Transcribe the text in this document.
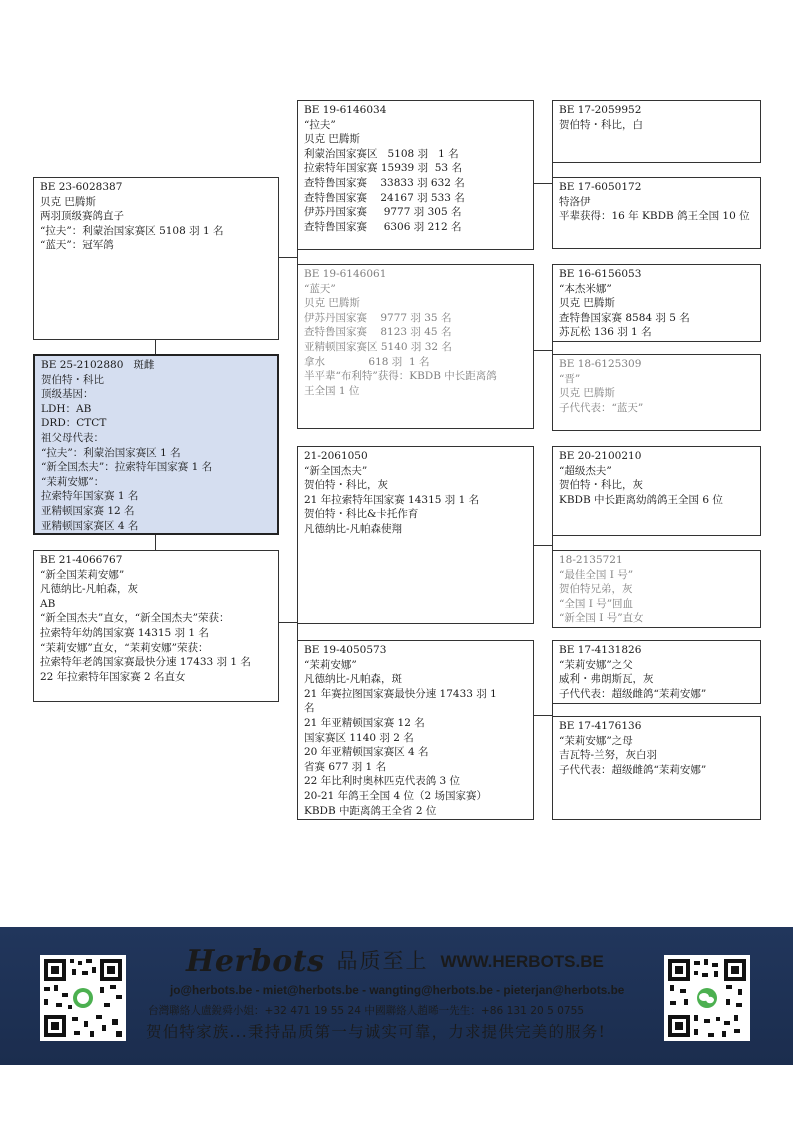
BE 25-2102880   斑雌
贺伯特・科比
顶级基因：
LDH：AB
DRD：CTCT
祖父母代表：
“拉夫”：利蒙治国家赛区 1 名
“新全国杰夫”：拉索特年国家赛 1 名
“茉莉安娜”：
拉索特年国家赛 1 名
亚精顿国家赛 12 名
亚精顿国家赛区 4 名
BE 23-6028387
贝克 巴腾斯
两羽顶级赛鸽直子
“拉夫”：利蒙治国家赛区 5108 羽 1 名
“蓝天”：冠军鸽
BE 21-4066767
“新全国茉莉安娜”
凡德纳比-凡帕森，灰
AB
“新全国杰夫”直女，“新全国杰夫”荣获：
拉索特年幼鸽国家赛 14315 羽 1 名
“茉莉安娜”直女，“茉莉安娜”荣获：
拉索特年老鸽国家赛最快分速 17433 羽 1 名
22 年拉索特年国家赛 2 名直女
BE 19-6146034
“拉夫”
贝克 巴腾斯
利蒙治国家赛区   5108 羽   1 名
拉索特年国家赛 15939 羽  53 名
查特鲁国家赛    33833 羽 632 名
查特鲁国家赛    24167 羽 533 名
伊苏丹国家赛     9777 羽 305 名
查特鲁国家赛     6306 羽 212 名
BE 19-6146061
“蓝天”
贝克 巴腾斯
伊苏丹国家赛    9777 羽 35 名
查特鲁国家赛    8123 羽 45 名
亚精顿国家赛区 5140 羽 32 名
拿水             618 羽  1 名
半平辈“布利特”获得：KBDB 中长距离鸽
王全国 1 位
21-2061050
“新全国杰夫”
贺伯特・科比，灰
21 年拉索特年国家赛 14315 羽 1 名
贺伯特・科比&卡托作育
凡德纳比-凡帕森使翔
BE 19-4050573
“茉莉安娜”
凡德纳比-凡帕森，斑
21 年赛拉图国家赛最快分速 17433 羽 1
名
21 年亚精顿国家赛 12 名
国家赛区 1140 羽 2 名
20 年亚精顿国家赛区 4 名
省赛 677 羽 1 名
22 年比利时奥林匹克代表鸽 3 位
20-21 年鸽王全国 4 位（2 场国家赛）
KBDB 中距离鸽王全省 2 位
BE 17-2059952
贺伯特・科比，白
BE 17-6050172
特洛伊
平辈获得：16 年 KBDB 鸽王全国 10 位
BE 16-6156053
“本杰米娜”
贝克 巴腾斯
查特鲁国家赛 8584 羽 5 名
苏瓦松 136 羽 1 名
BE 18-6125309
“晋”
贝克 巴腾斯
子代代表：“蓝天”
BE 20-2100210
“超级杰夫”
贺伯特・科比，灰
KBDB 中长距离幼鸽鸽王全国 6 位
18-2135721
“最佳全国 I 号”
贺伯特兄弟，灰
“全国 I 号”回血
“新全国 I 号”直女
BE 17-4131826
“茉莉安娜”之父
威利・弗朗斯瓦，灰
子代代表：超级雌鸽“茉莉安娜”
BE 17-4176136
“茉莉安娜”之母
吉瓦特-兰努，灰白羽
子代代表：超级雌鸽“茉莉安娜”
Herbots 品质至上 WWW.HERBOTS.BE
jo@herbots.be - miet@herbots.be - wangting@herbots.be - pieterjan@herbots.be
台灣聯絡人盧銳舜小姐：+32 471 19 55 24 中國聯絡人趙晞一先生：+86 131 20 5 0755
贺伯特家族...秉持品质第一与诚实可靠，力求提供完美的服务!
